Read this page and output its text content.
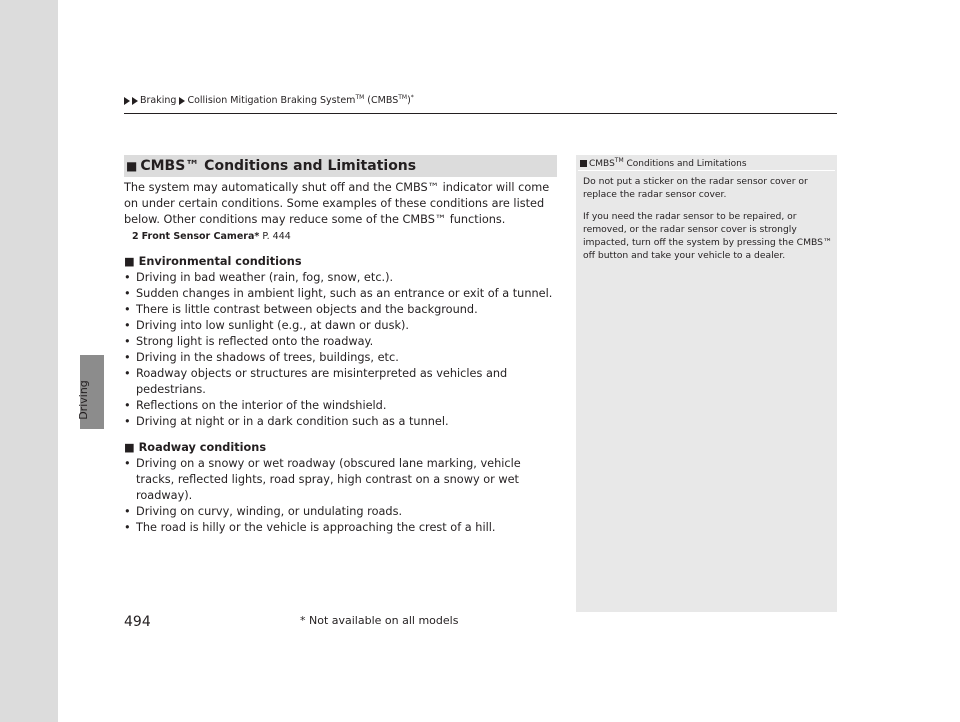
Driving
Braking Collision Mitigation Braking System™ (CMBS™)*
■ CMBS™ Conditions and Limitations

The system may automatically shut off and the CMBS™ indicator will come on under certain conditions. Some examples of these conditions are listed below. Other conditions may reduce some of the CMBS™ functions.

2 Front Sensor Camera* P. 444
■ Environmental conditions
• Driving in bad weather (rain, fog, snow, etc.).
• Sudden changes in ambient light, such as an entrance or exit of a tunnel.
• There is little contrast between objects and the background.
• Driving into low sunlight (e.g., at dawn or dusk).
• Strong light is reflected onto the roadway.
• Driving in the shadows of trees, buildings, etc.
• Roadway objects or structures are misinterpreted as vehicles and pedestrians.
• Reflections on the interior of the windshield.
• Driving at night or in a dark condition such as a tunnel.
■ Roadway conditions
• Driving on a snowy or wet roadway (obscured lane marking, vehicle tracks, reflected lights, road spray, high contrast on a snowy or wet roadway).
• Driving on curvy, winding, or undulating roads.
• The road is hilly or the vehicle is approaching the crest of a hill.
CMBS™ Conditions and Limitations

Do not put a sticker on the radar sensor cover or replace the radar sensor cover.

If you need the radar sensor to be repaired, or removed, or the radar sensor cover is strongly impacted, turn off the system by pressing the CMBS™ off button and take your vehicle to a dealer.

494	* Not available on all models
